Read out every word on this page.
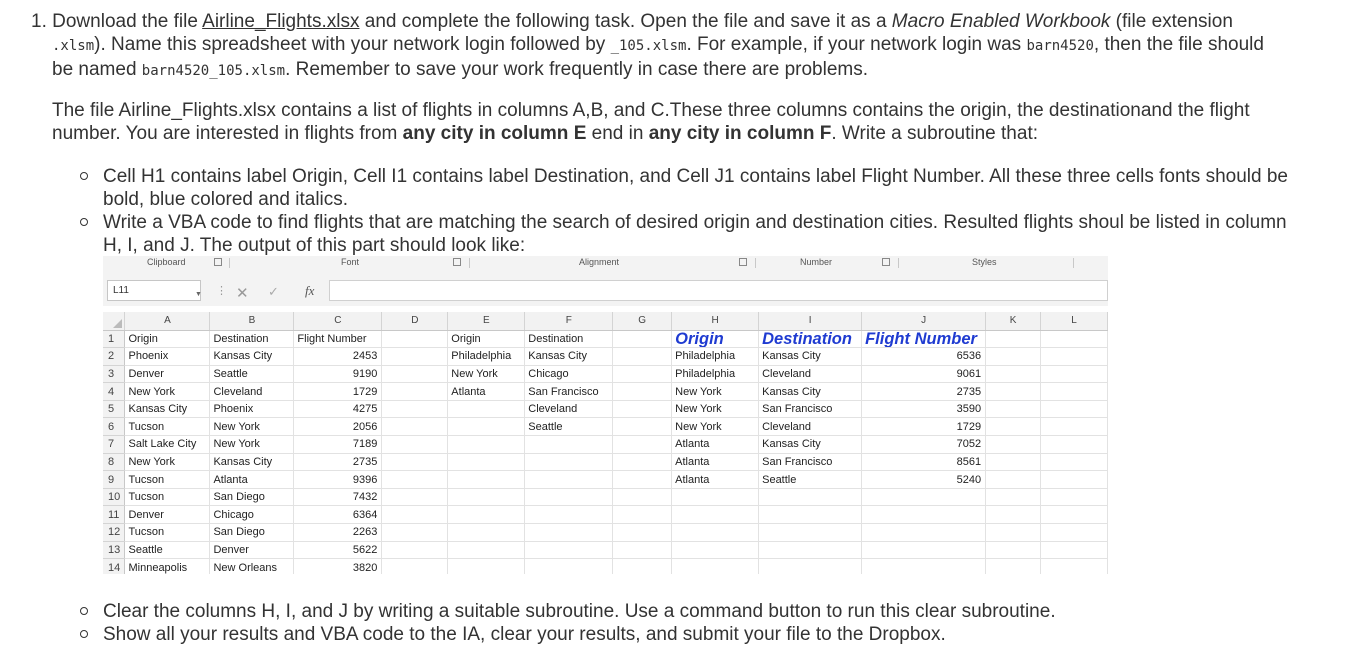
1. Download the file Airline_Flights.xlsx and complete the following task. Open the file and save it as a Macro Enabled Workbook (file extension
.xlsm). Name this spreadsheet with your network login followed by _105.xlsm. For example, if your network login was barn4520, then the file should
be named barn4520_105.xlsm. Remember to save your work frequently in case there are problems.
The file Airline_Flights.xlsx contains a list of flights in columns A,B, and C.These three columns contains the origin, the destinationand the flight
number. You are interested in flights from any city in column E end in any city in column F. Write a subroutine that:
Cell H1 contains label Origin, Cell I1 contains label Destination, and Cell J1 contains label Flight Number. All these three cells fonts should be
bold, blue colored and italics.
Write a VBA code to find flights that are matching the search of desired origin and destination cities. Resulted flights shoul be listed in column
H, I, and J. The output of this part should look like:
Clipboard	Font	Alignment	Number	Styles
L11	▼ ⋮ ✕ ✓ fx
	A	B	C	D	E	F	G	H	I	J	K	L
1	Origin	Destination	Flight Number		Origin	Destination		Origin	Destination	Flight Number		
2	Phoenix	Kansas City	2453		Philadelphia	Kansas City		Philadelphia	Kansas City	6536		
3	Denver	Seattle	9190		New York	Chicago		Philadelphia	Cleveland	9061		
4	New York	Cleveland	1729		Atlanta	San Francisco		New York	Kansas City	2735		
5	Kansas City	Phoenix	4275			Cleveland		New York	San Francisco	3590		
6	Tucson	New York	2056			Seattle		New York	Cleveland	1729		
7	Salt Lake City	New York	7189					Atlanta	Kansas City	7052		
8	New York	Kansas City	2735					Atlanta	San Francisco	8561		
9	Tucson	Atlanta	9396					Atlanta	Seattle	5240		
10	Tucson	San Diego	7432									
11	Denver	Chicago	6364									
12	Tucson	San Diego	2263									
13	Seattle	Denver	5622									
14	Minneapolis	New Orleans	3820									
Clear the columns H, I, and J by writing a suitable subroutine. Use a command button to run this clear subroutine.
Show all your results and VBA code to the IA, clear your results, and submit your file to the Dropbox.
